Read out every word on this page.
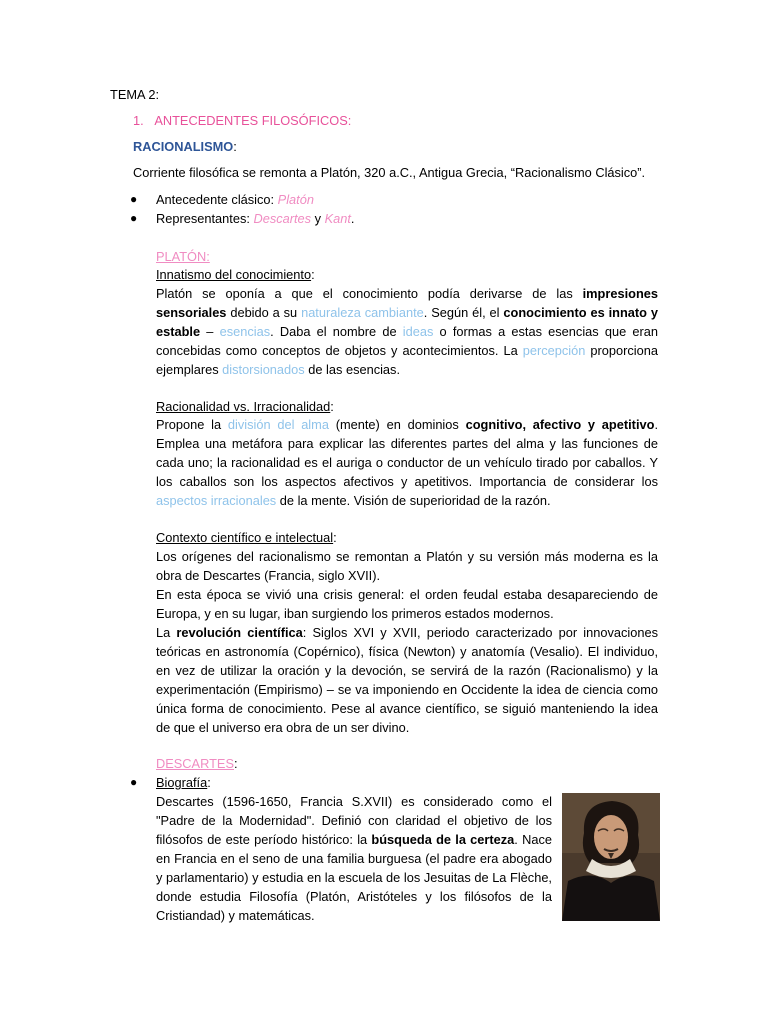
TEMA 2:
1.   ANTECEDENTES FILOSÓFICOS:
RACIONALISMO:
Corriente filosófica se remonta a Platón, 320 a.C., Antigua Grecia, “Racionalismo Clásico”.
● Antecedente clásico: Platón
● Representantes: Descartes y Kant.
PLATÓN:
Innatismo del conocimiento:

Platón se oponía a que el conocimiento podía derivarse de las impresiones sensoriales debido a su naturaleza cambiante. Según él, el conocimiento es innato y estable – esencias. Daba el nombre de ideas o formas a estas esencias que eran concebidas como conceptos de objetos y acontecimientos. La percepción proporciona ejemplares distorsionados de las esencias.

Racionalidad vs. Irracionalidad:

Propone la división del alma (mente) en dominios cognitivo, afectivo y apetitivo. Emplea una metáfora para explicar las diferentes partes del alma y las funciones de cada uno; la racionalidad es el auriga o conductor de un vehículo tirado por caballos. Y los caballos son los aspectos afectivos y apetitivos. Importancia de considerar los aspectos irracionales de la mente. Visión de superioridad de la razón.

Contexto científico e intelectual:

Los orígenes del racionalismo se remontan a Platón y su versión más moderna es la obra de Descartes (Francia, siglo XVII).

En esta época se vivió una crisis general: el orden feudal estaba desapareciendo de Europa, y en su lugar, iban surgiendo los primeros estados modernos.

La revolución científica: Siglos XVI y XVII, periodo caracterizado por innovaciones teóricas en astronomía (Copérnico), física (Newton) y anatomía (Vesalio). El individuo, en vez de utilizar la oración y la devoción, se servirá de la razón (Racionalismo) y la experimentación (Empirismo) – se va imponiendo en Occidente la idea de ciencia como única forma de conocimiento. Pese al avance científico, se siguió manteniendo la idea de que el universo era obra de un ser divino.

DESCARTES:
● Biografía:

Descartes (1596-1650, Francia S.XVII) es considerado como el "Padre de la Modernidad". Definió con claridad el objetivo de los filósofos de este período histórico: la búsqueda de la certeza. Nace en Francia en el seno de una familia burguesa (el padre era abogado y parlamentario) y estudia en la escuela de los Jesuitas de La Flèche, donde estudia Filosofía (Platón, Aristóteles y los filósofos de la Cristiandad) y matemáticas.
